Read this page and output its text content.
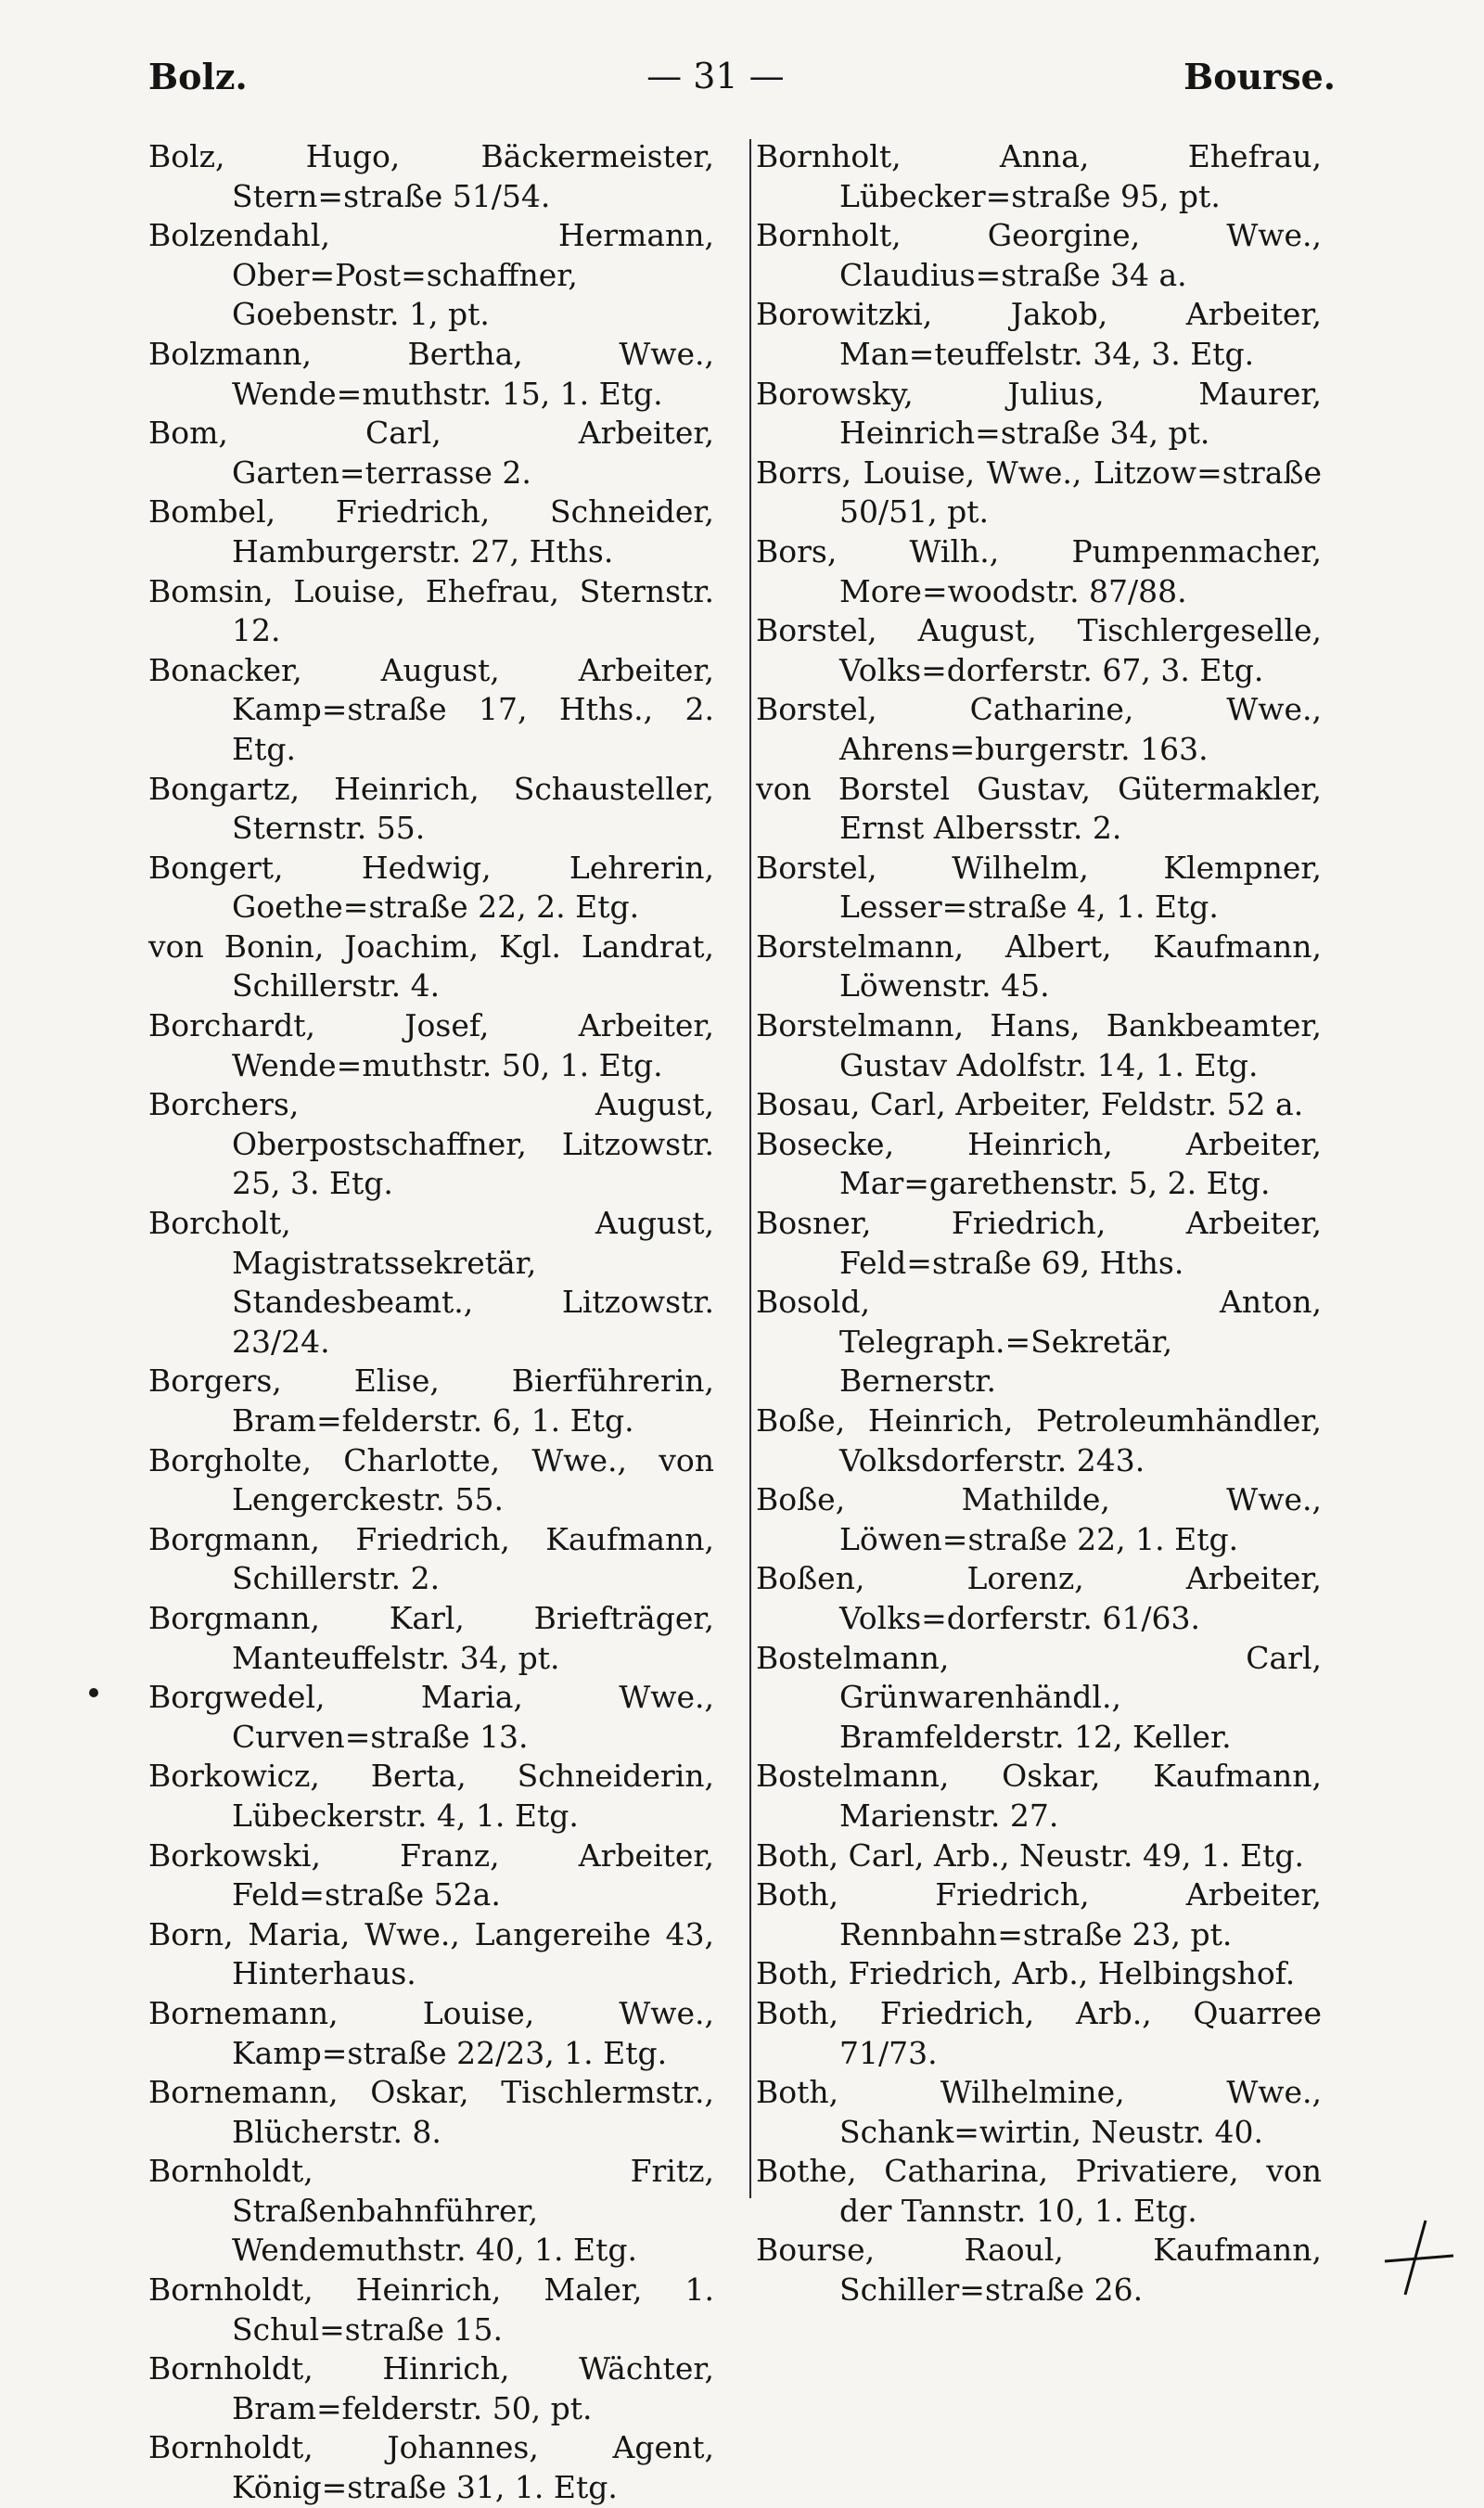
Bolz.	— 31 —	Bourse.

Bolz, Hugo, Bäckermeister, Stern=straße 51/54.

Bolzendahl, Hermann, Ober=Post=schaffner, Goebenstr. 1, pt.

Bolzmann, Bertha, Wwe., Wende=muthstr. 15, 1. Etg.

Bom, Carl, Arbeiter, Garten=terrasse 2.

Bombel, Friedrich, Schneider, Hamburgerstr. 27, Hths.

Bomsin, Louise, Ehefrau, Sternstr. 12.

Bonacker, August, Arbeiter, Kamp=straße 17, Hths., 2. Etg.

Bongartz, Heinrich, Schausteller, Sternstr. 55.

Bongert, Hedwig, Lehrerin, Goethe=straße 22, 2. Etg.

von Bonin, Joachim, Kgl. Landrat, Schillerstr. 4.

Borchardt, Josef, Arbeiter, Wende=muthstr. 50, 1. Etg.

Borchers, August, Oberpostschaffner, Litzowstr. 25, 3. Etg.

Borcholt, August, Magistratssekretär, Standesbeamt., Litzowstr. 23/24.

Borgers, Elise, Bierführerin, Bram=felderstr. 6, 1. Etg.

Borgholte, Charlotte, Wwe., von Lengerckestr. 55.

Borgmann, Friedrich, Kaufmann, Schillerstr. 2.

Borgmann, Karl, Briefträger, Manteuffelstr. 34, pt.

Borgwedel, Maria, Wwe., Curven=straße 13.

Borkowicz, Berta, Schneiderin, Lübeckerstr. 4, 1. Etg.

Borkowski, Franz, Arbeiter, Feld=straße 52a.

Born, Maria, Wwe., Langereihe 43, Hinterhaus.

Bornemann, Louise, Wwe., Kamp=straße 22/23, 1. Etg.

Bornemann, Oskar, Tischlermstr., Blücherstr. 8.

Bornholdt, Fritz, Straßenbahnführer, Wendemuthstr. 40, 1. Etg.

Bornholdt, Heinrich, Maler, 1. Schul=straße 15.

Bornholdt, Hinrich, Wächter, Bram=felderstr. 50, pt.

Bornholdt, Johannes, Agent, König=straße 31, 1. Etg.

Bornholt, Anna, Ehefrau, Lübecker=straße 95, pt.

Bornholt, Georgine, Wwe., Claudius=straße 34 a.

Borowitzki, Jakob, Arbeiter, Man=teuffelstr. 34, 3. Etg.

Borowsky, Julius, Maurer, Heinrich=straße 34, pt.

Borrs, Louise, Wwe., Litzow=straße 50/51, pt.

Bors, Wilh., Pumpenmacher, More=woodstr. 87/88.

Borstel, August, Tischlergeselle, Volks=dorferstr. 67, 3. Etg.

Borstel, Catharine, Wwe., Ahrens=burgerstr. 163.

von Borstel Gustav, Gütermakler, Ernst Albersstr. 2.

Borstel, Wilhelm, Klempner, Lesser=straße 4, 1. Etg.

Borstelmann, Albert, Kaufmann, Löwenstr. 45.

Borstelmann, Hans, Bankbeamter, Gustav Adolfstr. 14, 1. Etg.

Bosau, Carl, Arbeiter, Feldstr. 52 a.

Bosecke, Heinrich, Arbeiter, Mar=garethenstr. 5, 2. Etg.

Bosner, Friedrich, Arbeiter, Feld=straße 69, Hths.

Bosold, Anton, Telegraph.=Sekretär, Bernerstr.

Boße, Heinrich, Petroleumhändler, Volksdorferstr. 243.

Boße, Mathilde, Wwe., Löwen=straße 22, 1. Etg.

Boßen, Lorenz, Arbeiter, Volks=dorferstr. 61/63.

Bostelmann, Carl, Grünwarenhändl., Bramfelderstr. 12, Keller.

Bostelmann, Oskar, Kaufmann, Marienstr. 27.

Both, Carl, Arb., Neustr. 49, 1. Etg.

Both, Friedrich, Arbeiter, Rennbahn=straße 23, pt.

Both, Friedrich, Arb., Helbingshof.

Both, Friedrich, Arb., Quarree 71/73.

Both, Wilhelmine, Wwe., Schank=wirtin, Neustr. 40.

Bothe, Catharina, Privatiere, von der Tannstr. 10, 1. Etg.

Bourse, Raoul, Kaufmann, Schiller=straße 26.
